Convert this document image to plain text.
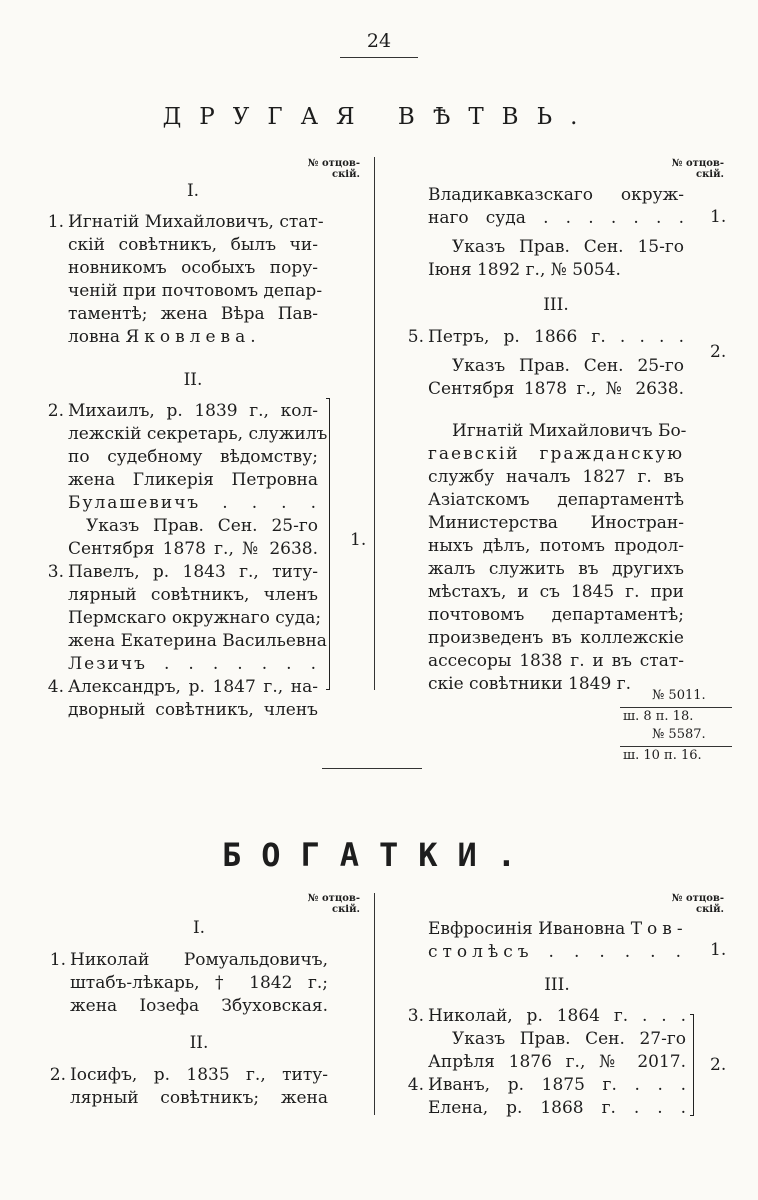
24
ДРУГАЯ ВѢТВЬ.
№ отцов-
скій.
№ отцов-
скій.
I.
1. Игнатій Михайловичъ, стат-
скій совѣтникъ, былъ чи-
новникомъ особыхъ пору-
ченій при почтовомъ депар-
таментѣ; жена Вѣра Пав-
ловна Яковлева.
II.
2. Михаилъ, р. 1839 г., кол-
лежскій секретарь, служилъ
по судебному вѣдомству;
жена Гликерія Петровна
Булашевичъ . . . .
Указъ Прав. Сен. 25-го
Сентября 1878 г., № 2638.
3. Павелъ, р. 1843 г., титу-
лярный совѣтникъ, членъ
Пермскаго окружнаго суда;
жена Екатерина Васильевна
Лезичъ . . . . . . .
4. Александръ, р. 1847 г., на-
дворный совѣтникъ, членъ
1.
Владикавказскаго окруж-
наго суда . . . . . . .
Указъ Прав. Сен. 15-го
Іюня 1892 г., № 5054.
III.
5. Петръ, р. 1866 г. . . . .
Указъ Прав. Сен. 25-го
Сентября 1878 г., № 2638.
Игнатій Михайловичъ Бо-
гаевскій гражданскую
службу началъ 1827 г. въ
Азіатскомъ департаментѣ
Министерства Иностран-
ныхъ дѣлъ, потомъ продол-
жалъ служить въ другихъ
мѣстахъ, и съ 1845 г. при
почтовомъ департаментѣ;
произведенъ въ коллежскіе
ассесоры 1838 г. и въ стат-
скіе совѣтники 1849 г.
1.
2.
№ 5011.
ш. 8 п. 18.
№ 5587.
ш. 10 п. 16.
БОГАТКИ.
№ отцов-
скій.
№ отцов-
скій.
I.
1. Николай Ромуальдовичъ,
штабъ-лѣкарь, † 1842 г.;
жена Іозефа Збуховская.
II.
2. Іосифъ, р. 1835 г., титу-
лярный совѣтникъ; жена
Евфросинія Ивановна Тов-
столѣсъ . . . . . .
III.
3. Николай, р. 1864 г. . . .
Указъ Прав. Сен. 27-го
Апрѣля 1876 г., № 2017.
4. Иванъ, р. 1875 г. . . .
Елена, р. 1868 г. . . .
1.
2.
